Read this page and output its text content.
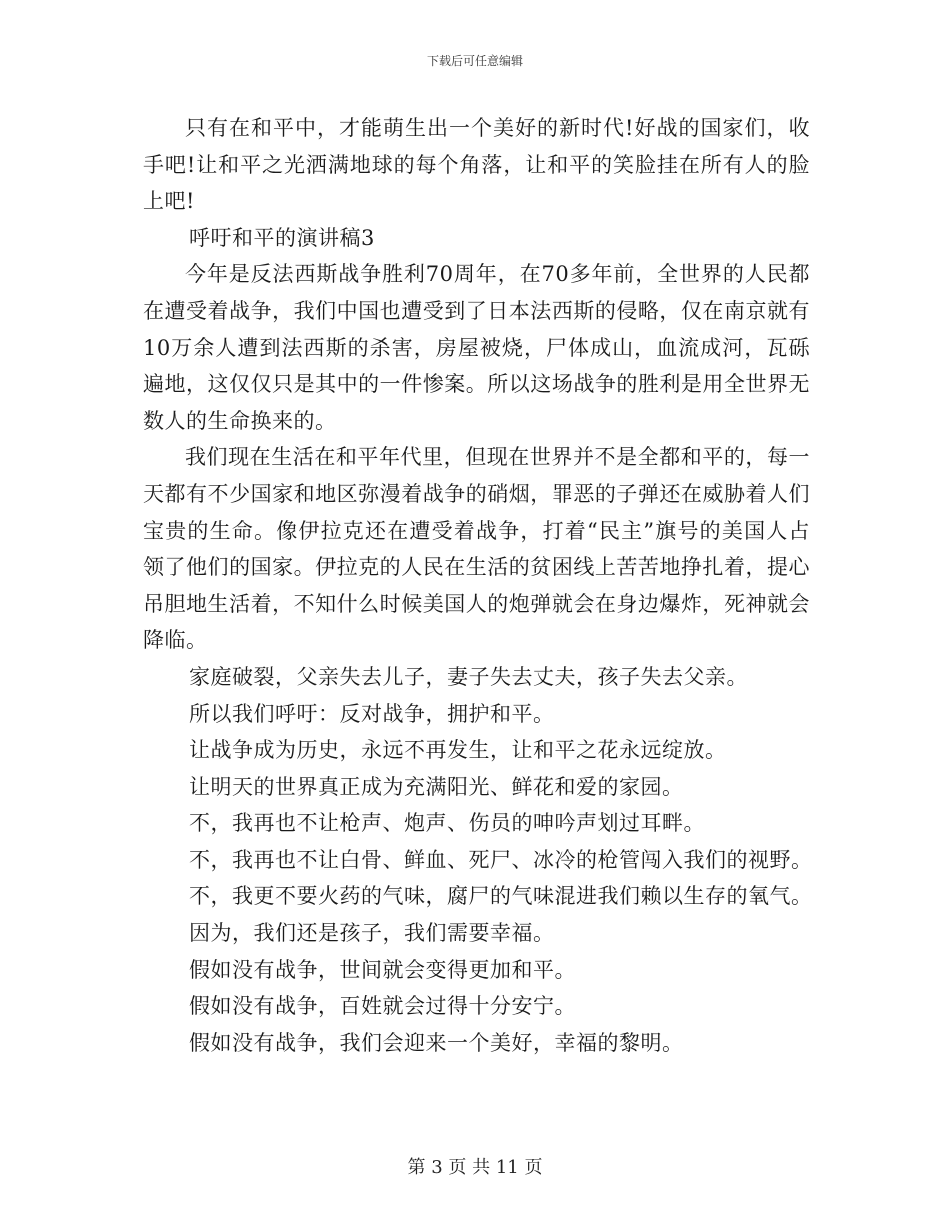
下载后可任意编辑

只有在和平中，才能萌生出一个美好的新时代!好战的国家们，收手吧!让和平之光洒满地球的每个角落，让和平的笑脸挂在所有人的脸上吧!

呼吁和平的演讲稿3

今年是反法西斯战争胜利70周年，在70多年前，全世界的人民都在遭受着战争，我们中国也遭受到了日本法西斯的侵略，仅在南京就有10万余人遭到法西斯的杀害，房屋被烧，尸体成山，血流成河，瓦砾遍地，这仅仅只是其中的一件惨案。所以这场战争的胜利是用全世界无数人的生命换来的。

我们现在生活在和平年代里，但现在世界并不是全都和平的，每一天都有不少国家和地区弥漫着战争的硝烟，罪恶的子弹还在威胁着人们宝贵的生命。像伊拉克还在遭受着战争，打着“民主”旗号的美国人占领了他们的国家。伊拉克的人民在生活的贫困线上苦苦地挣扎着，提心吊胆地生活着，不知什么时候美国人的炮弹就会在身边爆炸，死神就会降临。

家庭破裂，父亲失去儿子，妻子失去丈夫，孩子失去父亲。

所以我们呼吁：反对战争，拥护和平。

让战争成为历史，永远不再发生，让和平之花永远绽放。

让明天的世界真正成为充满阳光、鲜花和爱的家园。

不，我再也不让枪声、炮声、伤员的呻吟声划过耳畔。

不，我再也不让白骨、鲜血、死尸、冰冷的枪管闯入我们的视野。

不，我更不要火药的气味，腐尸的气味混进我们赖以生存的氧气。

因为，我们还是孩子，我们需要幸福。

假如没有战争，世间就会变得更加和平。

假如没有战争，百姓就会过得十分安宁。

假如没有战争，我们会迎来一个美好，幸福的黎明。

第 3 页 共 11 页
